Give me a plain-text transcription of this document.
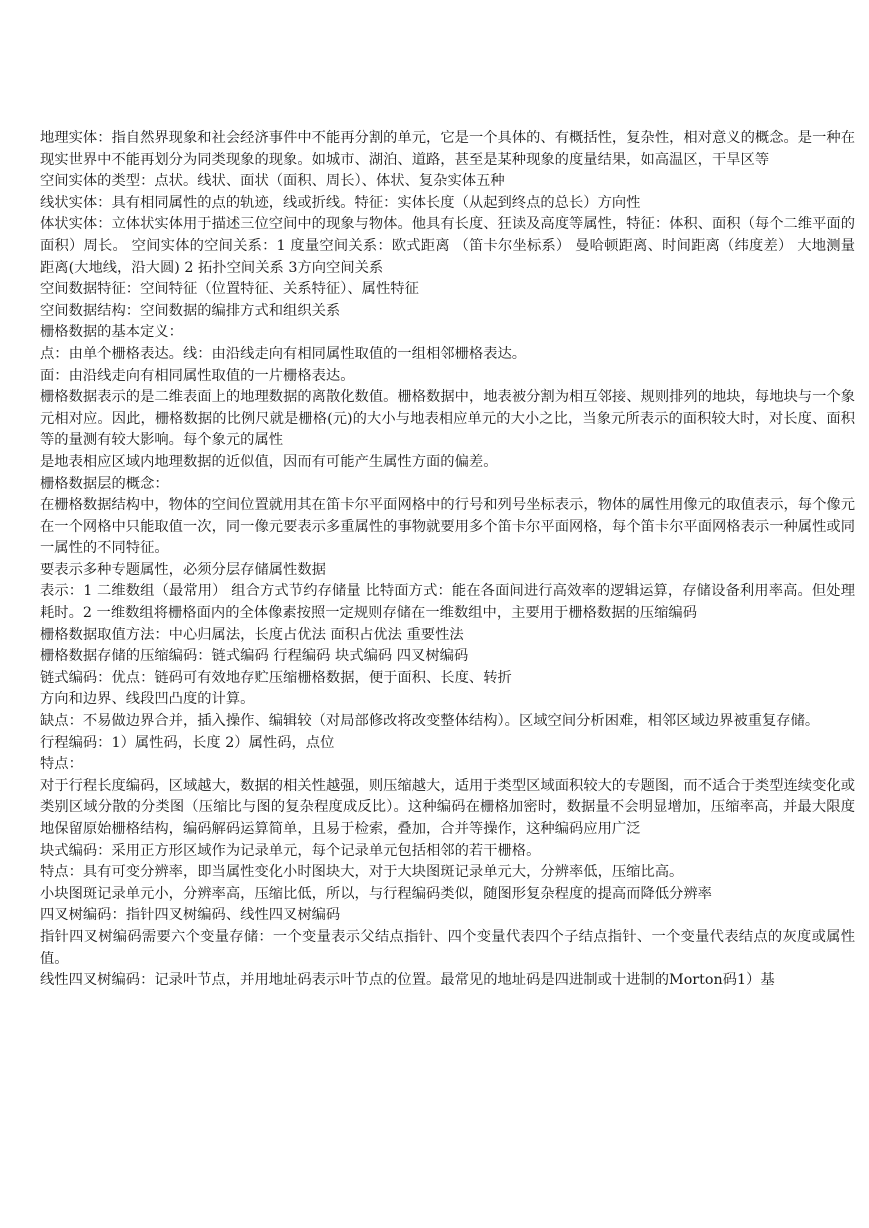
地理实体：指自然界现象和社会经济事件中不能再分割的单元，它是一个具体的、有概括性，复杂性，相对意义的概念。是一种在现实世界中不能再划分为同类现象的现象。如城市、湖泊、道路，甚至是某种现象的度量结果，如高温区，干旱区等

空间实体的类型：点状。线状、面状（面积、周长）、体状、复杂实体五种

线状实体：具有相同属性的点的轨迹，线或折线。特征：实体长度（从起到终点的总长）方向性

体状实体：立体状实体用于描述三位空间中的现象与物体。他具有长度、狂读及高度等属性，特征：体积、面积（每个二维平面的面积）周长。 空间实体的空间关系：1 度量空间关系：欧式距离 （笛卡尔坐标系） 曼哈顿距离、时间距离（纬度差） 大地测量距离(大地线，沿大圆) 2 拓扑空间关系 3方向空间关系

空间数据特征：空间特征（位置特征、关系特征）、属性特征

空间数据结构：空间数据的编排方式和组织关系

栅格数据的基本定义：

点：由单个栅格表达。线：由沿线走向有相同属性取值的一组相邻栅格表达。

面：由沿线走向有相同属性取值的一片栅格表达。

栅格数据表示的是二维表面上的地理数据的离散化数值。栅格数据中，地表被分割为相互邻接、规则排列的地块，每地块与一个象元相对应。因此，栅格数据的比例尺就是栅格(元)的大小与地表相应单元的大小之比，当象元所表示的面积较大时，对长度、面积等的量测有较大影响。每个象元的属性

是地表相应区域内地理数据的近似值，因而有可能产生属性方面的偏差。

栅格数据层的概念：

在栅格数据结构中，物体的空间位置就用其在笛卡尔平面网格中的行号和列号坐标表示，物体的属性用像元的取值表示，每个像元在一个网格中只能取值一次，同一像元要表示多重属性的事物就要用多个笛卡尔平面网格，每个笛卡尔平面网格表示一种属性或同一属性的不同特征。

要表示多种专题属性，必须分层存储属性数据

表示：1 二维数组（最常用） 组合方式节约存储量 比特面方式：能在各面间进行高效率的逻辑运算，存储设备利用率高。但处理耗时。2 一维数组将栅格面内的全体像素按照一定规则存储在一维数组中，主要用于栅格数据的压缩编码

栅格数据取值方法：中心归属法，长度占优法 面积占优法 重要性法

栅格数据存储的压缩编码：链式编码 行程编码 块式编码 四叉树编码

链式编码：优点：链码可有效地存贮压缩栅格数据，便于面积、长度、转折

方向和边界、线段凹凸度的计算。

缺点：不易做边界合并，插入操作、编辑较（对局部修改将改变整体结构）。区域空间分析困难，相邻区域边界被重复存储。

行程编码：1）属性码，长度 2）属性码，点位

特点：

对于行程长度编码，区域越大，数据的相关性越强，则压缩越大，适用于类型区域面积较大的专题图，而不适合于类型连续变化或类别区域分散的分类图（压缩比与图的复杂程度成反比）。这种编码在栅格加密时，数据量不会明显增加，压缩率高，并最大限度地保留原始栅格结构，编码解码运算简单，且易于检索，叠加，合并等操作，这种编码应用广泛

块式编码：采用正方形区域作为记录单元，每个记录单元包括相邻的若干栅格。

特点：具有可变分辨率，即当属性变化小时图块大，对于大块图斑记录单元大，分辨率低，压缩比高。

小块图斑记录单元小，分辨率高，压缩比低，所以，与行程编码类似，随图形复杂程度的提高而降低分辨率

四叉树编码：指针四叉树编码、线性四叉树编码

指针四叉树编码需要六个变量存储：一个变量表示父结点指针、四个变量代表四个子结点指针、一个变量代表结点的灰度或属性值。

线性四叉树编码：记录叶节点，并用地址码表示叶节点的位置。最常见的地址码是四进制或十进制的Morton码1）基
